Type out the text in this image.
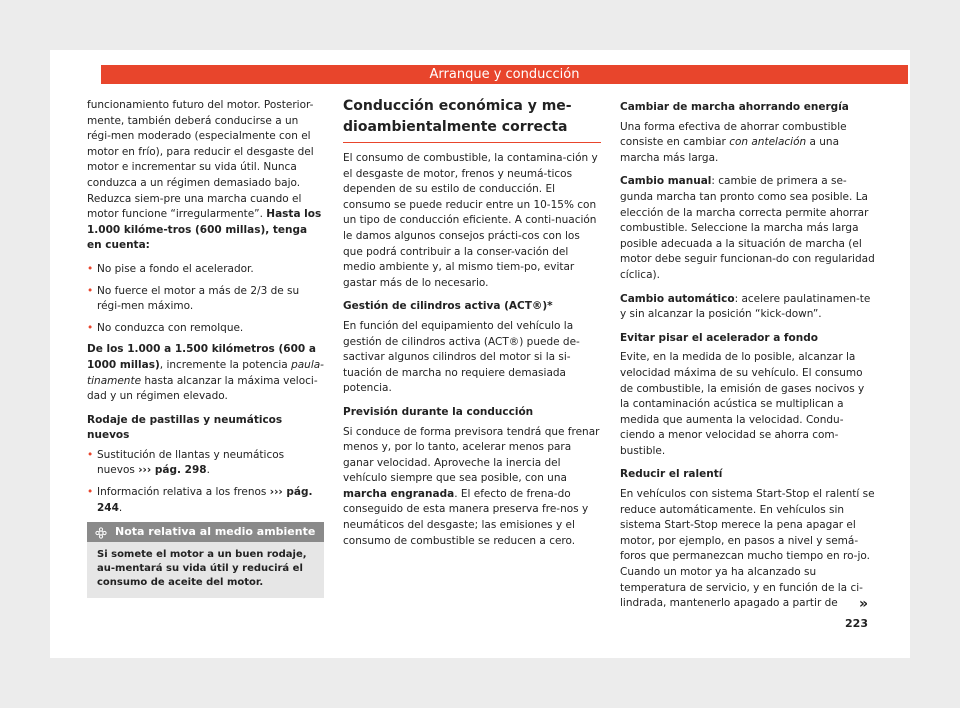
Arranque y conducción

funcionamiento futuro del motor. Posterior-mente, también deberá conducirse a un régi-men moderado (especialmente con el motor en frío), para reducir el desgaste del motor e incrementar su vida útil. Nunca conduzca a un régimen demasiado bajo. Reduzca siem-pre una marcha cuando el motor funcione “irregularmente”. Hasta los 1.000 kilóme-tros (600 millas), tenga en cuenta:

• No pise a fondo el acelerador.
• No fuerce el motor a más de 2/3 de su régi-men máximo.
• No conduzca con remolque.

De los 1.000 a 1.500 kilómetros (600 a 1000 millas), incremente la potencia paula-tinamente hasta alcanzar la máxima veloci-dad y un régimen elevado.

Rodaje de pastillas y neumáticos nuevos
• Sustitución de llantas y neumáticos nuevos ››› pág. 298.
• Información relativa a los frenos ››› pág. 244.
Nota relativa al medio ambiente
Si somete el motor a un buen rodaje, au-mentará su vida útil y reducirá el consumo de aceite del motor.
Conducción económica y me-dioambientalmente correcta

El consumo de combustible, la contamina-ción y el desgaste de motor, frenos y neumá-ticos dependen de su estilo de conducción. El consumo se puede reducir entre un 10-15% con un tipo de conducción eficiente. A conti-nuación le damos algunos consejos prácti-cos con los que podrá contribuir a la conser-vación del medio ambiente y, al mismo tiem-po, evitar gastar más de lo necesario.

Gestión de cilindros activa (ACT®)*

En función del equipamiento del vehículo la gestión de cilindros activa (ACT®) puede de-sactivar algunos cilindros del motor si la si-tuación de marcha no requiere demasiada potencia.

Previsión durante la conducción

Si conduce de forma previsora tendrá que frenar menos y, por lo tanto, acelerar menos para ganar velocidad. Aproveche la inercia del vehículo siempre que sea posible, con una marcha engranada. El efecto de frena-do conseguido de esta manera preserva fre-nos y neumáticos del desgaste; las emisiones y el consumo de combustible se reducen a cero.

Cambiar de marcha ahorrando energía

Una forma efectiva de ahorrar combustible consiste en cambiar con antelación a una marcha más larga.

Cambio manual: cambie de primera a se-gunda marcha tan pronto como sea posible. La elección de la marcha correcta permite ahorrar combustible. Seleccione la marcha más larga posible adecuada a la situación de marcha (el motor debe seguir funcionan-do con regularidad cíclica).

Cambio automático: acelere paulatinamen-te y sin alcanzar la posición “kick-down”.

Evitar pisar el acelerador a fondo

Evite, en la medida de lo posible, alcanzar la velocidad máxima de su vehículo. El consumo de combustible, la emisión de gases nocivos y la contaminación acústica se multiplican a medida que aumenta la velocidad. Condu-ciendo a menor velocidad se ahorra com-bustible.

Reducir el ralentí

En vehículos con sistema Start-Stop el ralentí se reduce automáticamente. En vehículos sin sistema Start-Stop merece la pena apagar el motor, por ejemplo, en pasos a nivel y semá-foros que permanezcan mucho tiempo en ro-jo. Cuando un motor ya ha alcanzado su temperatura de servicio, y en función de la ci-lindrada, mantenerlo apagado a partir de	»
223
